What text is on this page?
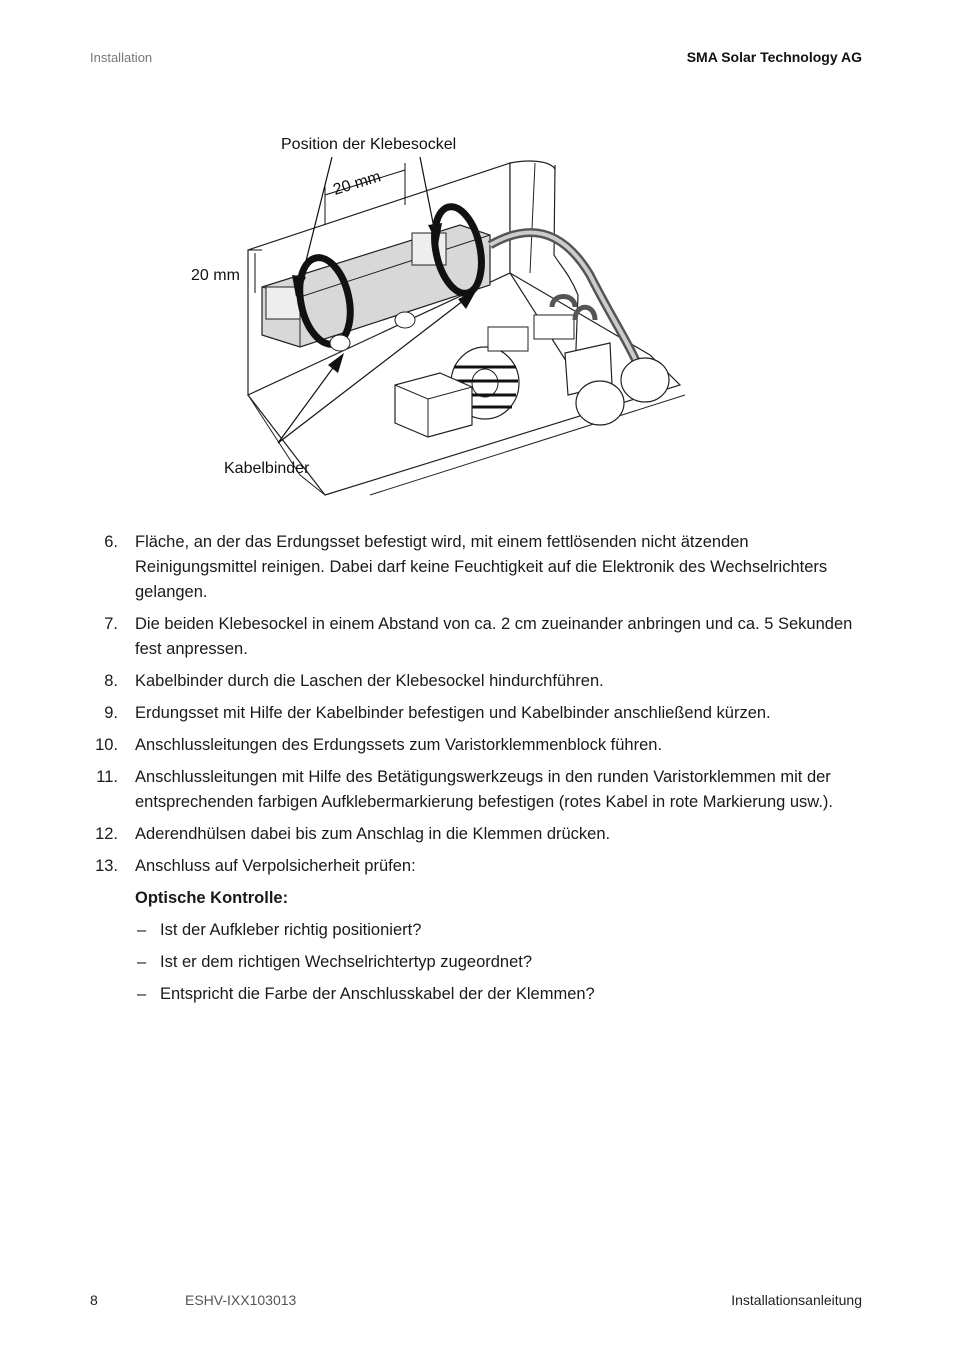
Installation	SMA Solar Technology AG
Position der Klebesockel
20 mm
20 mm
Kabelbinder
6. Fläche, an der das Erdungsset befestigt wird, mit einem fettlösenden nicht ätzenden Reinigungsmittel reinigen. Dabei darf keine Feuchtigkeit auf die Elektronik des Wechselrichters gelangen.
7. Die beiden Klebesockel in einem Abstand von ca. 2 cm zueinander anbringen und ca. 5 Sekunden fest anpressen.
8. Kabelbinder durch die Laschen der Klebesockel hindurchführen.
9. Erdungsset mit Hilfe der Kabelbinder befestigen und Kabelbinder anschließend kürzen.
10. Anschlussleitungen des Erdungssets zum Varistorklemmenblock führen.
11. Anschlussleitungen mit Hilfe des Betätigungswerkzeugs in den runden Varistorklemmen mit der entsprechenden farbigen Aufklebermarkierung befestigen (rotes Kabel in rote Markierung usw.).
12. Aderendhülsen dabei bis zum Anschlag in die Klemmen drücken.
13. Anschluss auf Verpolsicherheit prüfen:
Optische Kontrolle:
– Ist der Aufkleber richtig positioniert?
– Ist er dem richtigen Wechselrichtertyp zugeordnet?
– Entspricht die Farbe der Anschlusskabel der der Klemmen?
8	ESHV-IXX103013	Installationsanleitung
